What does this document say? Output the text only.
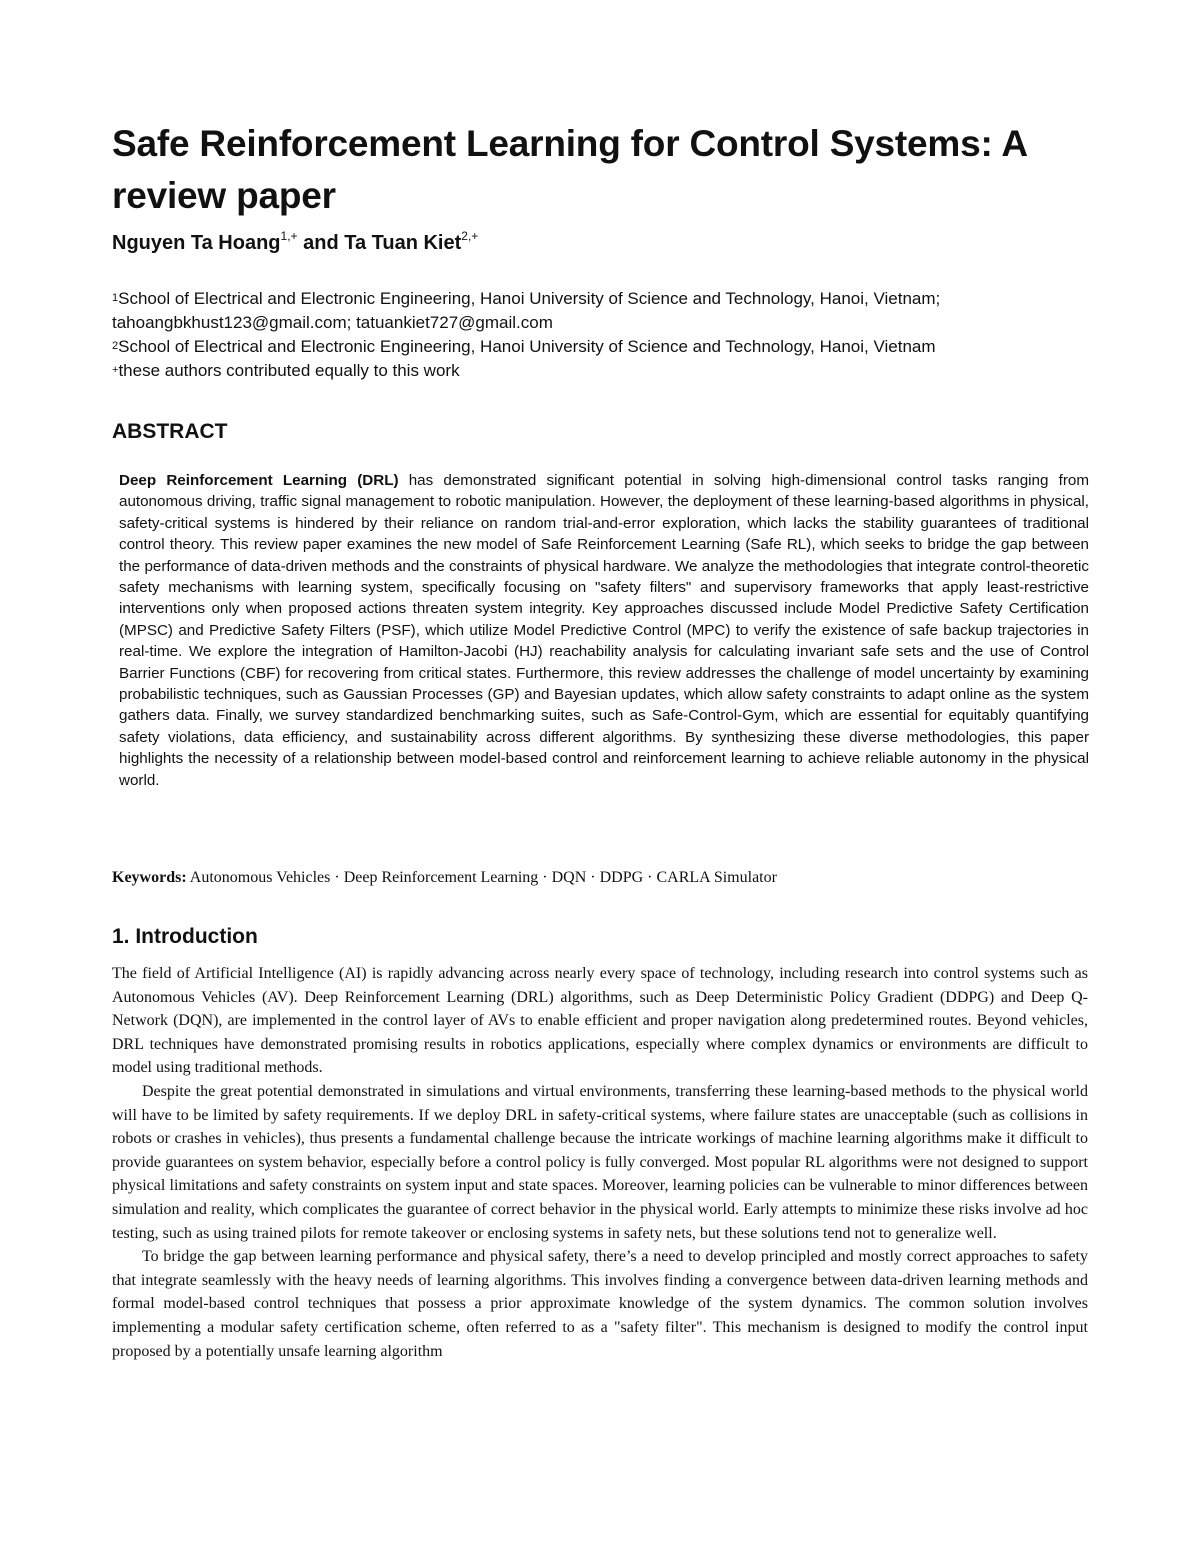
Safe Reinforcement Learning for Control Systems: A review paper
Nguyen Ta Hoang$^{1,+}$ and Ta Tuan Kiet$^{2,+}$

$^1$School of Electrical and Electronic Engineering, Hanoi University of Science and Technology, Hanoi, Vietnam;

tahoangbkhust123@gmail.com; tatuankiet727@gmail.com

$^2$School of Electrical and Electronic Engineering, Hanoi University of Science and Technology, Hanoi, Vietnam

+these authors contributed equally to this work

ABSTRACT
Deep Reinforcement Learning (DRL) has demonstrated significant potential in solving high-dimensional control tasks ranging from autonomous driving, traffic signal management to robotic manipulation. However, the deployment of these learning-based algorithms in physical, safety-critical systems is hindered by their reliance on random trial-and-error exploration, which lacks the stability guarantees of traditional control theory. This review paper examines the new model of Safe Reinforcement Learning (Safe RL), which seeks to bridge the gap between the performance of data-driven methods and the constraints of physical hardware. We analyze the methodologies that integrate control-theoretic safety mechanisms with learning system, specifically focusing on "safety filters" and supervisory frameworks that apply least-restrictive interventions only when proposed actions threaten system integrity. Key approaches discussed include Model Predictive Safety Certification (MPSC) and Predictive Safety Filters (PSF), which utilize Model Predictive Control (MPC) to verify the existence of safe backup trajectories in real-time. We explore the integration of Hamilton-Jacobi (HJ) reachability analysis for calculating invariant safe sets and the use of Control Barrier Functions (CBF) for recovering from critical states. Furthermore, this review addresses the challenge of model uncertainty by examining probabilistic techniques, such as Gaussian Processes (GP) and Bayesian updates, which allow safety constraints to adapt online as the system gathers data. Finally, we survey standardized benchmarking suites, such as Safe-Control-Gym, which are essential for equitably quantifying safety violations, data efficiency, and sustainability across different algorithms. By synthesizing these diverse methodologies, this paper highlights the necessity of a relationship between model-based control and reinforcement learning to achieve reliable autonomy in the physical world.
Keywords: Autonomous Vehicles · Deep Reinforcement Learning · DQN · DDPG · CARLA Simulator
1. Introduction

The field of Artificial Intelligence (AI) is rapidly advancing across nearly every space of technology, including research into control systems such as Autonomous Vehicles (AV). Deep Reinforcement Learning (DRL) algorithms, such as Deep Deterministic Policy Gradient (DDPG) and Deep Q-Network (DQN), are implemented in the control layer of AVs to enable efficient and proper navigation along predetermined routes. Beyond vehicles, DRL techniques have demonstrated promising results in robotics applications, especially where complex dynamics or environments are difficult to model using traditional methods.

Despite the great potential demonstrated in simulations and virtual environments, transferring these learning-based methods to the physical world will have to be limited by safety requirements. If we deploy DRL in safety-critical systems, where failure states are unacceptable (such as collisions in robots or crashes in vehicles), thus presents a fundamental challenge because the intricate workings of machine learning algorithms make it difficult to provide guarantees on system behavior, especially before a control policy is fully converged. Most popular RL algorithms were not designed to support physical limitations and safety constraints on system input and state spaces. Moreover, learning policies can be vulnerable to minor differences between simulation and reality, which complicates the guarantee of correct behavior in the physical world. Early attempts to minimize these risks involve ad hoc testing, such as using trained pilots for remote takeover or enclosing systems in safety nets, but these solutions tend not to generalize well.

To bridge the gap between learning performance and physical safety, there’s a need to develop principled and mostly correct approaches to safety that integrate seamlessly with the heavy needs of learning algorithms. This involves finding a convergence between data-driven learning methods and formal model-based control techniques that possess a prior approximate knowledge of the system dynamics. The common solution involves implementing a modular safety certification scheme, often referred to as a "safety filter". This mechanism is designed to modify the control input proposed by a potentially unsafe learning algorithm
